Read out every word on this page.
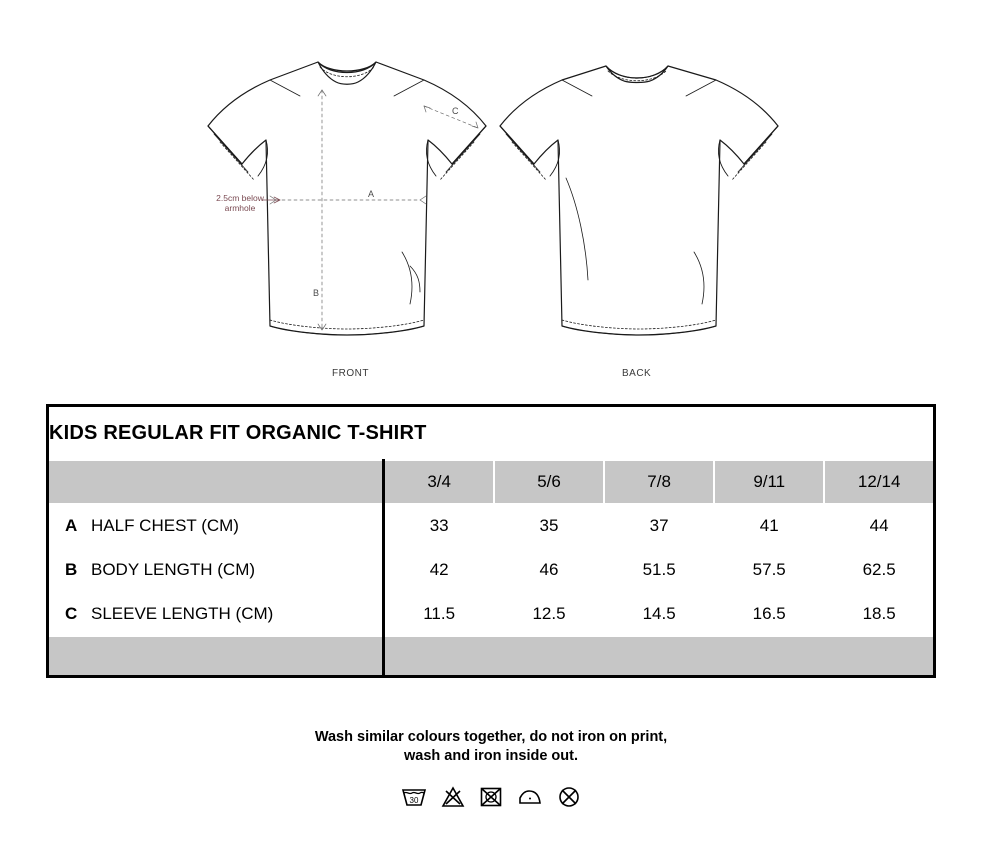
A
B
C
2.5cm below armhole
FRONT	BACK
KIDS REGULAR FIT ORGANIC T-SHIRT					
	3/4	5/6	7/8	9/11	12/14
A HALF CHEST (CM)	33	35	37	41	44
B BODY LENGTH (CM)	42	46	51.5	57.5	62.5
C SLEEVE LENGTH (CM)	11.5	12.5	14.5	16.5	18.5

Wash similar colours together, do not iron on print,
wash and iron inside out.
30
